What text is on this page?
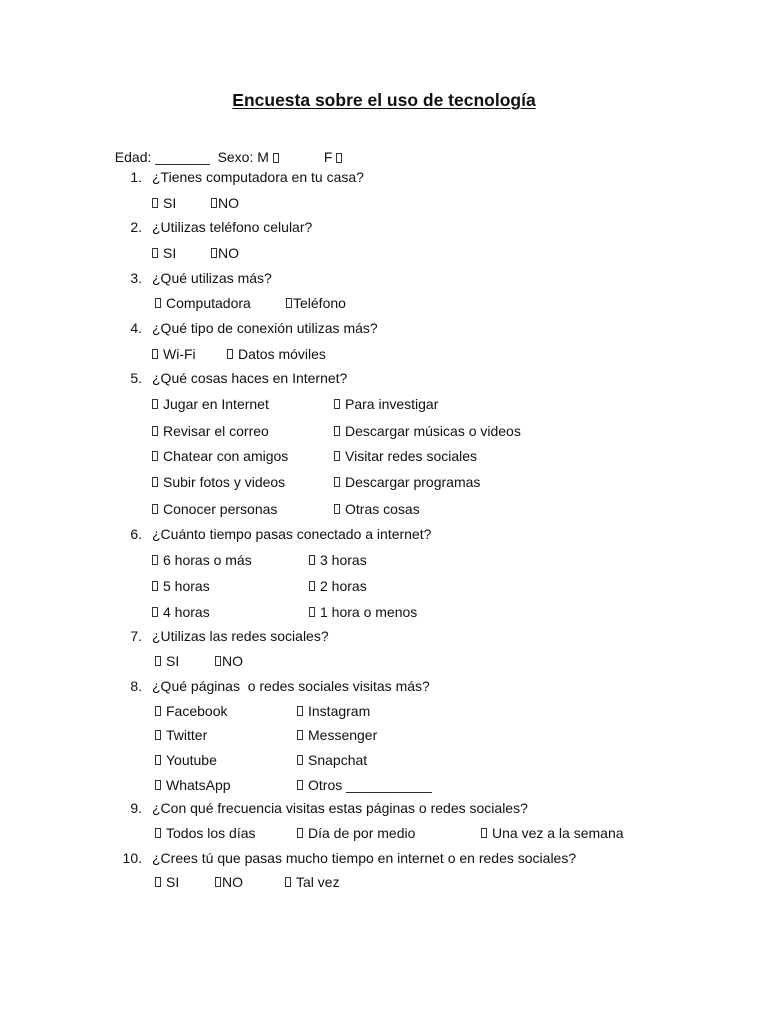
Encuesta sobre el uso de tecnología

Edad: _______ Sexo: M	F

1. ¿Tienes computadora en tu casa?
SI	NO
2. ¿Utilizas teléfono celular?
SI	NO
3. ¿Qué utilizas más?
Computadora	Teléfono
4. ¿Qué tipo de conexión utilizas más?
Wi-Fi	Datos móviles
5. ¿Qué cosas haces en Internet?
Jugar en Internet	Para investigar
Revisar el correo	Descargar músicas o videos
Chatear con amigos	Visitar redes sociales
Subir fotos y videos	Descargar programas
Conocer personas	Otras cosas
6. ¿Cuánto tiempo pasas conectado a internet?
6 horas o más	3 horas
5 horas	2 horas
4 horas	1 hora o menos
7. ¿Utilizas las redes sociales?
SI	NO
8. ¿Qué páginas  o redes sociales visitas más?
Facebook	Instagram
Twitter	Messenger
Youtube	Snapchat
WhatsApp	Otros ___________
9. ¿Con qué frecuencia visitas estas páginas o redes sociales?
Todos los días	Día de por medio	Una vez a la semana
10. ¿Crees tú que pasas mucho tiempo en internet o en redes sociales?
SI	NO	Tal vez
